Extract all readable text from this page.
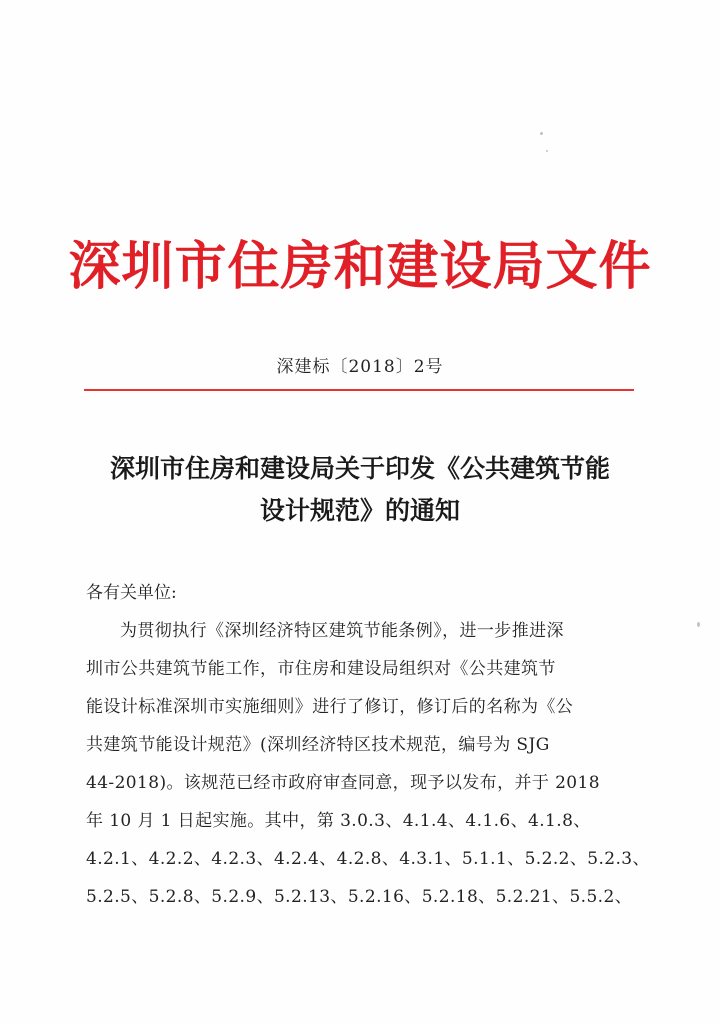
深圳市住房和建设局文件
深建标〔2018〕2号
深圳市住房和建设局关于印发《公共建筑节能
设计规范》的通知
各有关单位:
为贯彻执行《深圳经济特区建筑节能条例》，进一步推进深
圳市公共建筑节能工作，市住房和建设局组织对《公共建筑节
能设计标准深圳市实施细则》进行了修订，修订后的名称为《公
共建筑节能设计规范》(深圳经济特区技术规范，编号为 SJG
44-2018)。该规范已经市政府审查同意，现予以发布，并于 2018
年 10 月 1 日起实施。其中，第 3.0.3、4.1.4、4.1.6、4.1.8、
4.2.1、4.2.2、4.2.3、4.2.4、4.2.8、4.3.1、5.1.1、5.2.2、5.2.3、
5.2.5、5.2.8、5.2.9、5.2.13、5.2.16、5.2.18、5.2.21、5.5.2、
